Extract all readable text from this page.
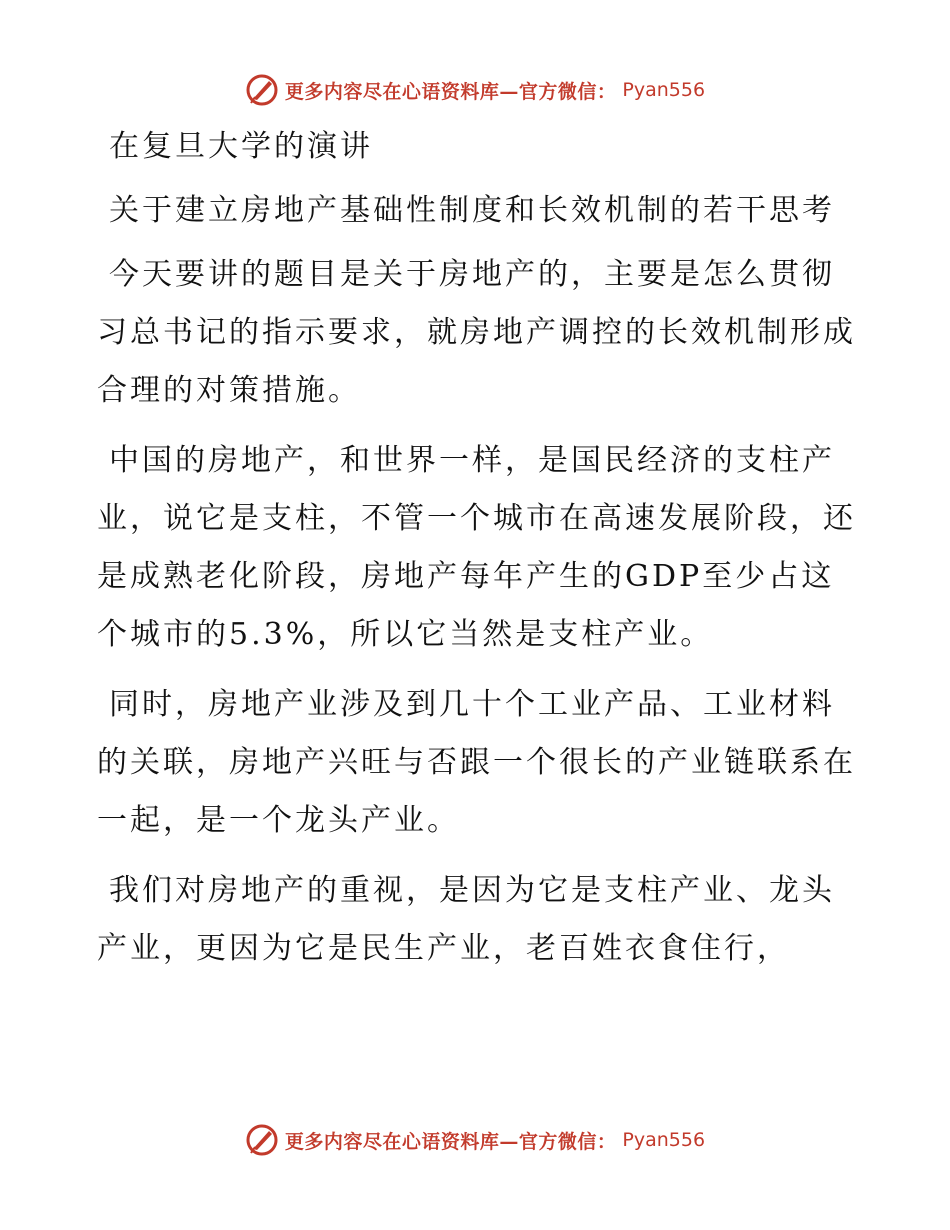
更多内容尽在心语资料库—官方微信： Pyan556

在复旦大学的演讲

关于建立房地产基础性制度和长效机制的若干思考

今天要讲的题目是关于房地产的，主要是怎么贯彻习总书记的指示要求，就房地产调控的长效机制形成合理的对策措施。

中国的房地产，和世界一样，是国民经济的支柱产业，说它是支柱，不管一个城市在高速发展阶段，还是成熟老化阶段，房地产每年产生的GDP至少占这个城市的5.3%，所以它当然是支柱产业。

同时，房地产业涉及到几十个工业产品、工业材料的关联，房地产兴旺与否跟一个很长的产业链联系在一起，是一个龙头产业。

我们对房地产的重视，是因为它是支柱产业、龙头产业，更因为它是民生产业，老百姓衣食住行，

更多内容尽在心语资料库—官方微信： Pyan556
